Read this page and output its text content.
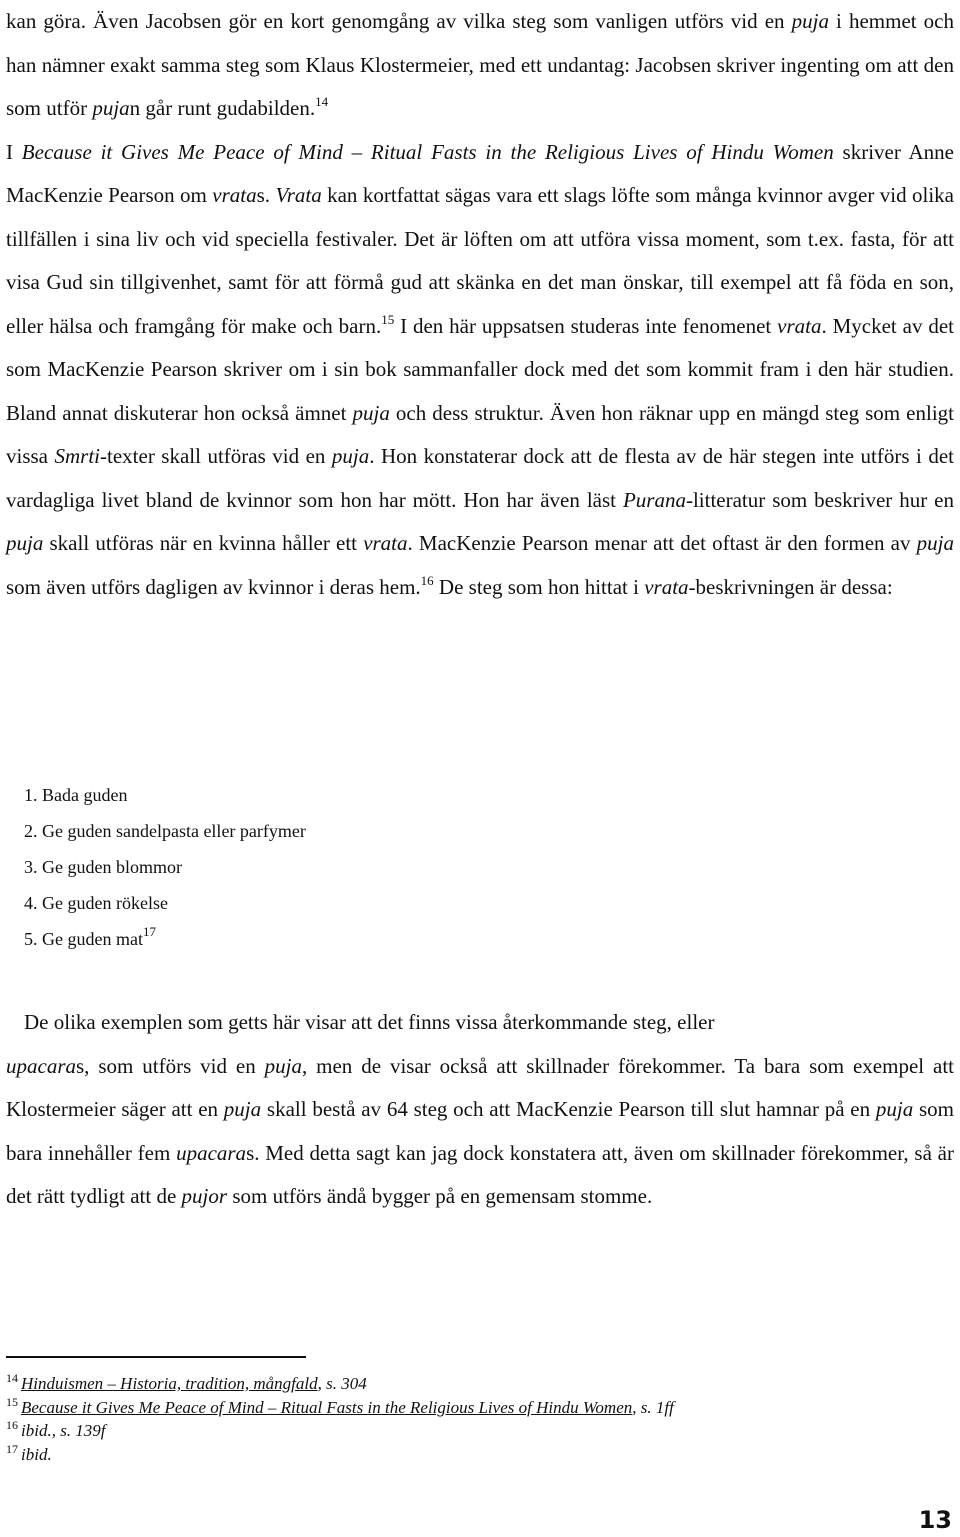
kan göra. Även Jacobsen gör en kort genomgång av vilka steg som vanligen utförs vid en puja i hemmet och han nämner exakt samma steg som Klaus Klostermeier, med ett undantag: Jacobsen skriver ingenting om att den som utför pujan går runt gudabilden.$^{14}$
I Because it Gives Me Peace of Mind – Ritual Fasts in the Religious Lives of Hindu Women skriver Anne MacKenzie Pearson om vratas. Vrata kan kortfattat sägas vara ett slags löfte som många kvinnor avger vid olika tillfällen i sina liv och vid speciella festivaler. Det är löften om att utföra vissa moment, som t.ex. fasta, för att visa Gud sin tillgivenhet, samt för att förmå gud att skänka en det man önskar, till exempel att få föda en son, eller hälsa och framgång för make och barn.$^{15}$ I den här uppsatsen studeras inte fenomenet vrata. Mycket av det som MacKenzie Pearson skriver om i sin bok sammanfaller dock med det som kommit fram i den här studien. Bland annat diskuterar hon också ämnet puja och dess struktur. Även hon räknar upp en mängd steg som enligt vissa Smrti-texter skall utföras vid en puja. Hon konstaterar dock att de flesta av de här stegen inte utförs i det vardagliga livet bland de kvinnor som hon har mött. Hon har även läst Purana-litteratur som beskriver hur en puja skall utföras när en kvinna håller ett vrata. MacKenzie Pearson menar att det oftast är den formen av puja som även utförs dagligen av kvinnor i deras hem.$^{16}$ De steg som hon hittat i vrata-beskrivningen är dessa:

1. Bada guden
2. Ge guden sandelpasta eller parfymer
3. Ge guden blommor
4. Ge guden rökelse
5. Ge guden mat$^{17}$

De olika exemplen som getts här visar att det finns vissa återkommande steg, eller
upacaras, som utförs vid en puja, men de visar också att skillnader förekommer. Ta bara som exempel att Klostermeier säger att en puja skall bestå av 64 steg och att MacKenzie Pearson till slut hamnar på en puja som bara innehåller fem upacaras. Med detta sagt kan jag dock konstatera att, även om skillnader förekommer, så är det rätt tydligt att de pujor som utförs ändå bygger på en gemensam stomme.

$^{14}$ Hinduismen – Historia, tradition, mångfald, s. 304
$^{15}$ Because it Gives Me Peace of Mind – Ritual Fasts in the Religious Lives of Hindu Women, s. 1ff
$^{16}$ ibid., s. 139f
$^{17}$ ibid.
13
